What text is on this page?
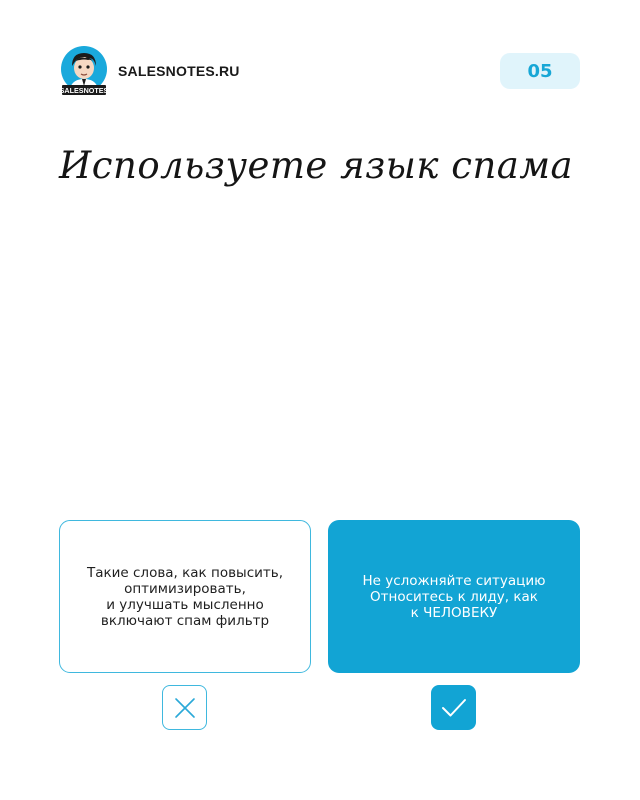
SALESNOTES
SALESNOTES.RU	05
Используете язык спама
Такие слова, как повысить,
оптимизировать,
и улучшать мысленно
включают спам фильтр
Не усложняйте ситуацию
Относитесь к лиду, как
к ЧЕЛОВЕКУ
